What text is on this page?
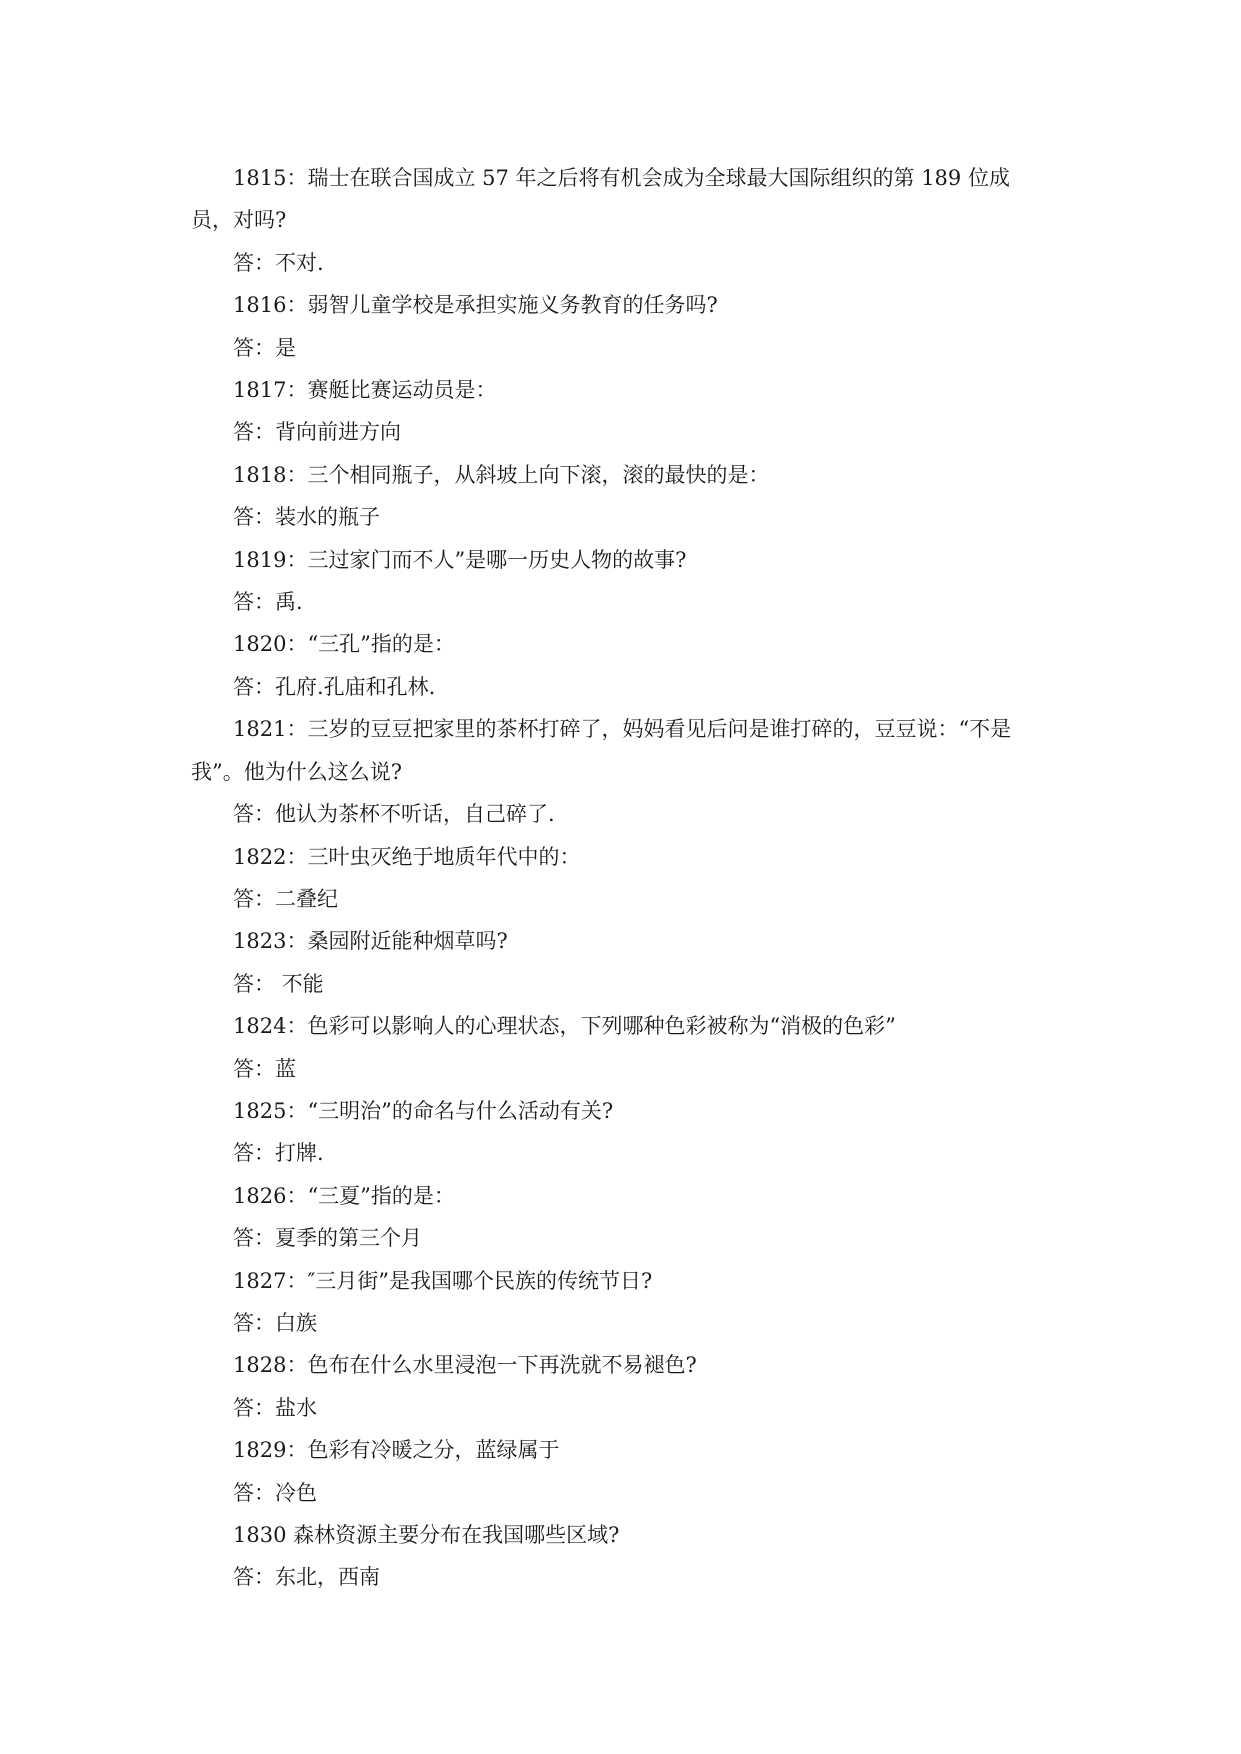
1815：瑞士在联合国成立 57 年之后将有机会成为全球最大国际组织的第 189 位成员，对吗?

答：不对.

1816：弱智儿童学校是承担实施义务教育的任务吗?

答：是

1817：赛艇比赛运动员是：

答：背向前进方向

1818：三个相同瓶子，从斜坡上向下滚，滚的最快的是：

答：装水的瓶子

1819：三过家门而不人”是哪一历史人物的故事?

答：禹.

1820：“三孔”指的是：

答：孔府.孔庙和孔林.

1821：三岁的豆豆把家里的茶杯打碎了，妈妈看见后问是谁打碎的，豆豆说：“不是我”。他为什么这么说?

答：他认为茶杯不听话，自己碎了.

1822：三叶虫灭绝于地质年代中的：

答：二叠纪

1823：桑园附近能种烟草吗?

答： 不能

1824：色彩可以影响人的心理状态，下列哪种色彩被称为“消极的色彩”

答：蓝

1825：“三明治”的命名与什么活动有关?

答：打牌.

1826：“三夏”指的是：

答：夏季的第三个月

1827：″三月街”是我国哪个民族的传统节日?

答：白族

1828：色布在什么水里浸泡一下再洗就不易褪色?

答：盐水

1829：色彩有冷暖之分，蓝绿属于

答：冷色

1830 森林资源主要分布在我国哪些区域?

答：东北，西南
